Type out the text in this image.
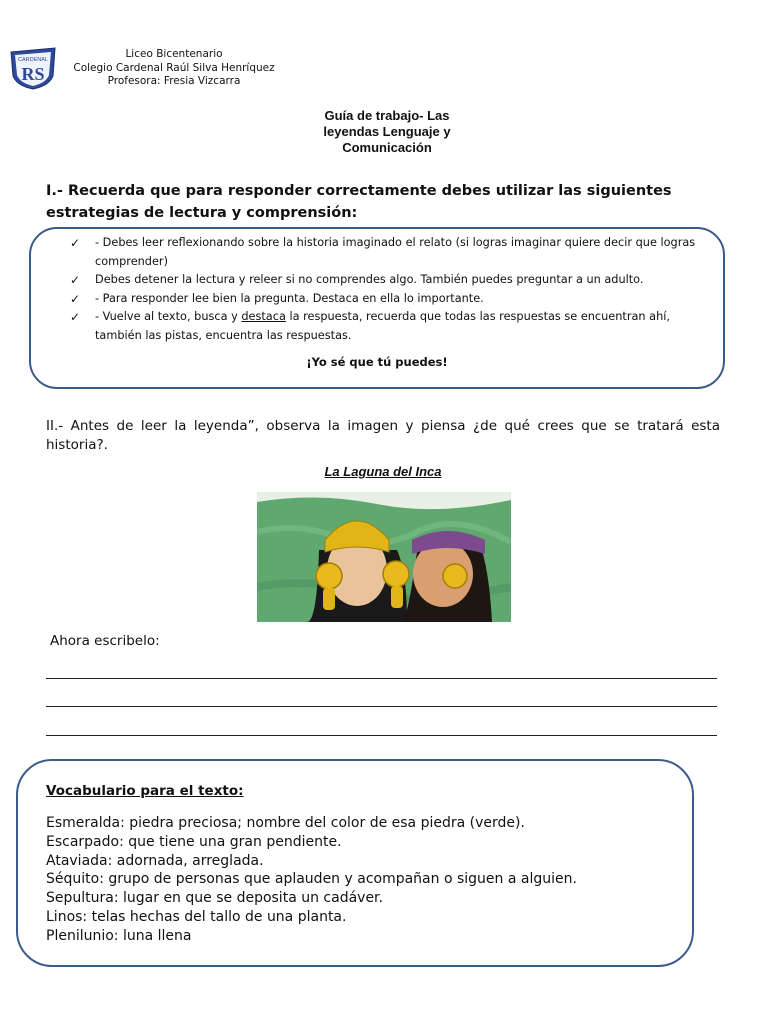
CARDENAL
RS
Liceo Bicentenario
Colegio Cardenal Raúl Silva Henríquez
Profesora: Fresia Vizcarra
Guía de trabajo- Las
leyendas Lenguaje y
Comunicación
I.- Recuerda que para responder correctamente debes utilizar las siguientes estrategias de lectura y comprensión:
✓ - Debes leer reflexionando sobre la historia imaginado el relato (si logras imaginar quiere decir que logras comprender)
✓ Debes detener la lectura y releer si no comprendes algo. También puedes preguntar a un adulto.
✓ - Para responder lee bien la pregunta. Destaca en ella lo importante.
✓ - Vuelve al texto, busca y destaca la respuesta, recuerda que todas las respuestas se encuentran ahí, también las pistas, encuentra las respuestas.
¡Yo sé que tú puedes!
II.- Antes de leer la leyenda”, observa la imagen y piensa ¿de qué crees que se tratará esta historia?.
La Laguna del Inca
Ahora escribelo:
Vocabulario para el texto:
Esmeralda: piedra preciosa; nombre del color de esa piedra (verde).
Escarpado: que tiene una gran pendiente.
Ataviada: adornada, arreglada.
Séquito: grupo de personas que aplauden y acompañan o siguen a alguien.
Sepultura: lugar en que se deposita un cadáver.
Linos: telas hechas del tallo de una planta.
Plenilunio: luna llena
